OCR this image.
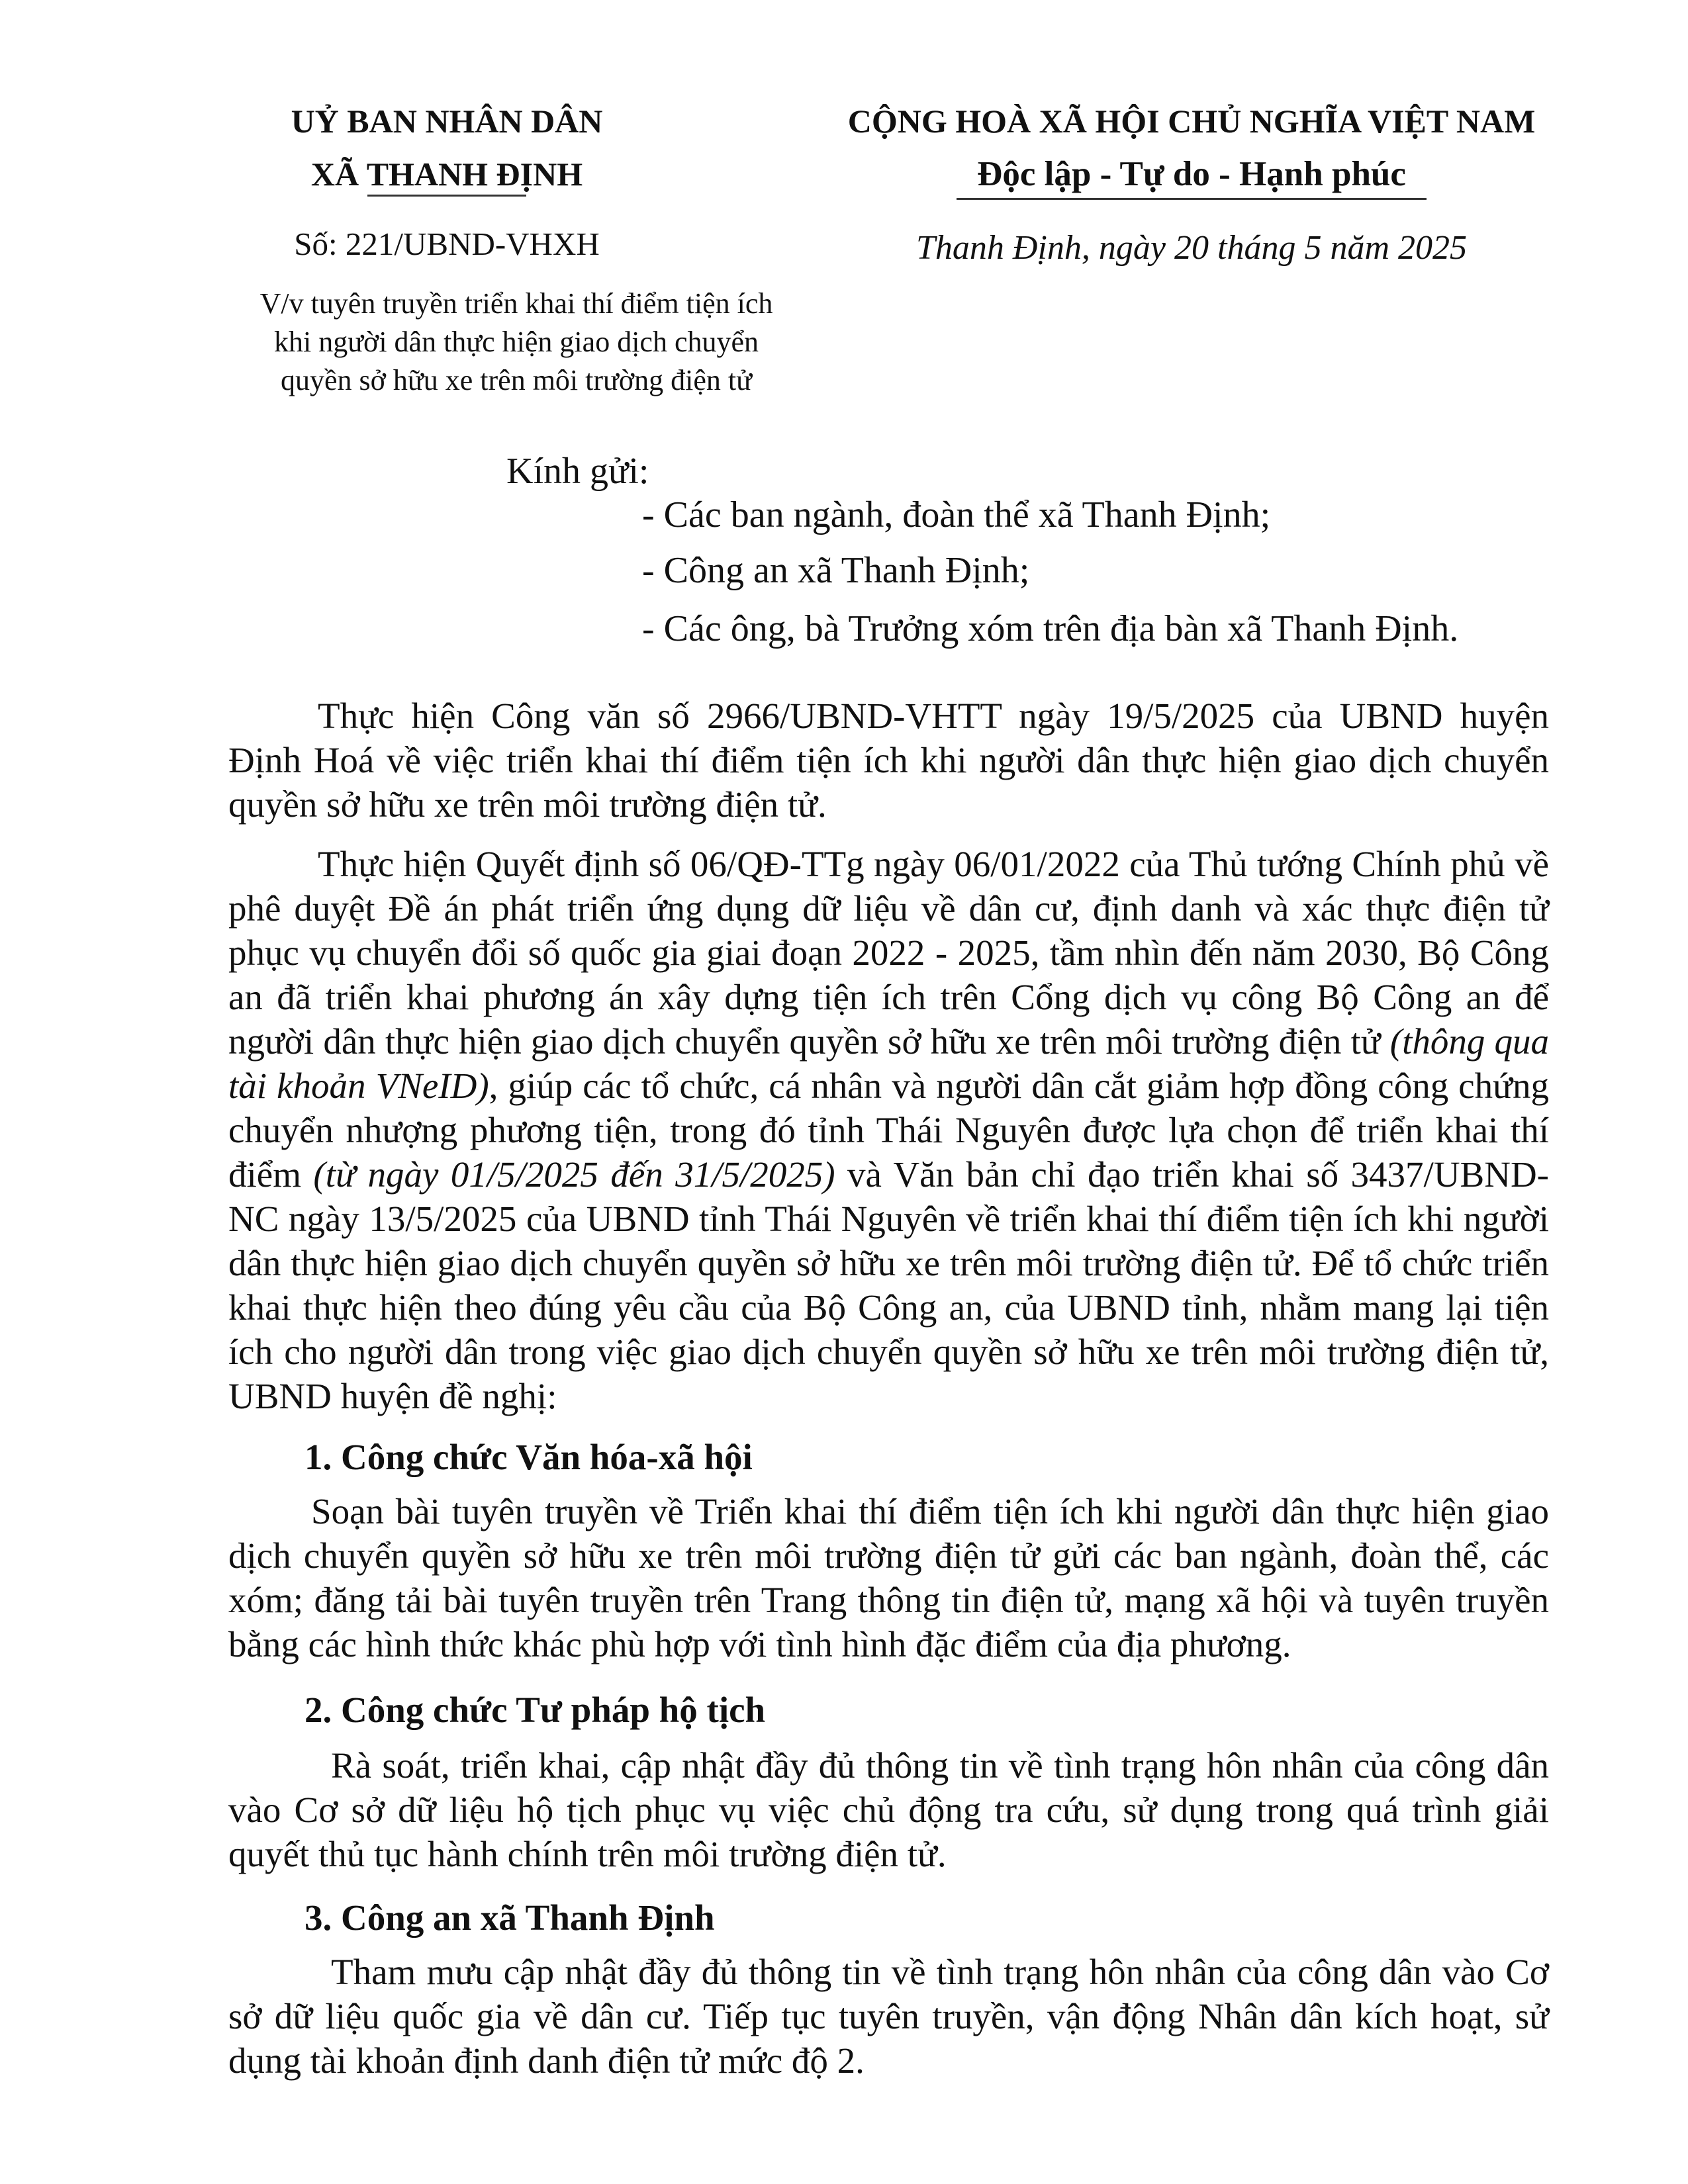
UỶ BAN NHÂN DÂN
XÃ THANH ĐỊNH
CỘNG HOÀ XÃ HỘI CHỦ NGHĨA VIỆT NAM
Độc lập - Tự do - Hạnh phúc
Số: 221/UBND-VHXH	Thanh Định, ngày 20 tháng 5 năm 2025
V/v tuyên truyền triển khai thí điểm tiện ích
khi người dân thực hiện giao dịch chuyển
quyền sở hữu xe trên môi trường điện tử
Kính gửi:
- Các ban ngành, đoàn thể xã Thanh Định;
- Công an xã Thanh Định;
- Các ông, bà Trưởng xóm trên địa bàn xã Thanh Định.

Thực hiện Công văn số 2966/UBND-VHTT ngày 19/5/2025 của UBND huyện Định Hoá về việc triển khai thí điểm tiện ích khi người dân thực hiện giao dịch chuyển quyền sở hữu xe trên môi trường điện tử.

Thực hiện Quyết định số 06/QĐ-TTg ngày 06/01/2022 của Thủ tướng Chính phủ về phê duyệt Đề án phát triển ứng dụng dữ liệu về dân cư, định danh và xác thực điện tử phục vụ chuyển đổi số quốc gia giai đoạn 2022 - 2025, tầm nhìn đến năm 2030, Bộ Công an đã triển khai phương án xây dựng tiện ích trên Cổng dịch vụ công Bộ Công an để người dân thực hiện giao dịch chuyển quyền sở hữu xe trên môi trường điện tử (thông qua tài khoản VNeID), giúp các tổ chức, cá nhân và người dân cắt giảm hợp đồng công chứng chuyển nhượng phương tiện, trong đó tỉnh Thái Nguyên được lựa chọn để triển khai thí điểm (từ ngày 01/5/2025 đến 31/5/2025) và Văn bản chỉ đạo triển khai số 3437/UBND-NC ngày 13/5/2025 của UBND tỉnh Thái Nguyên về triển khai thí điểm tiện ích khi người dân thực hiện giao dịch chuyển quyền sở hữu xe trên môi trường điện tử. Để tổ chức triển khai thực hiện theo đúng yêu cầu của Bộ Công an, của UBND tỉnh, nhằm mang lại tiện ích cho người dân trong việc giao dịch chuyển quyền sở hữu xe trên môi trường điện tử, UBND huyện đề nghị:

1. Công chức Văn hóa-xã hội

Soạn bài tuyên truyền về Triển khai thí điểm tiện ích khi người dân thực hiện giao dịch chuyển quyền sở hữu xe trên môi trường điện tử gửi các ban ngành, đoàn thể, các xóm; đăng tải bài tuyên truyền trên Trang thông tin điện tử, mạng xã hội và tuyên truyền bằng các hình thức khác phù hợp với tình hình đặc điểm của địa phương.

2. Công chức Tư pháp hộ tịch

Rà soát, triển khai, cập nhật đầy đủ thông tin về tình trạng hôn nhân của công dân vào Cơ sở dữ liệu hộ tịch phục vụ việc chủ động tra cứu, sử dụng trong quá trình giải quyết thủ tục hành chính trên môi trường điện tử.

3. Công an xã Thanh Định

Tham mưu cập nhật đầy đủ thông tin về tình trạng hôn nhân của công dân vào Cơ sở dữ liệu quốc gia về dân cư. Tiếp tục tuyên truyền, vận động Nhân dân kích hoạt, sử dụng tài khoản định danh điện tử mức độ 2.
